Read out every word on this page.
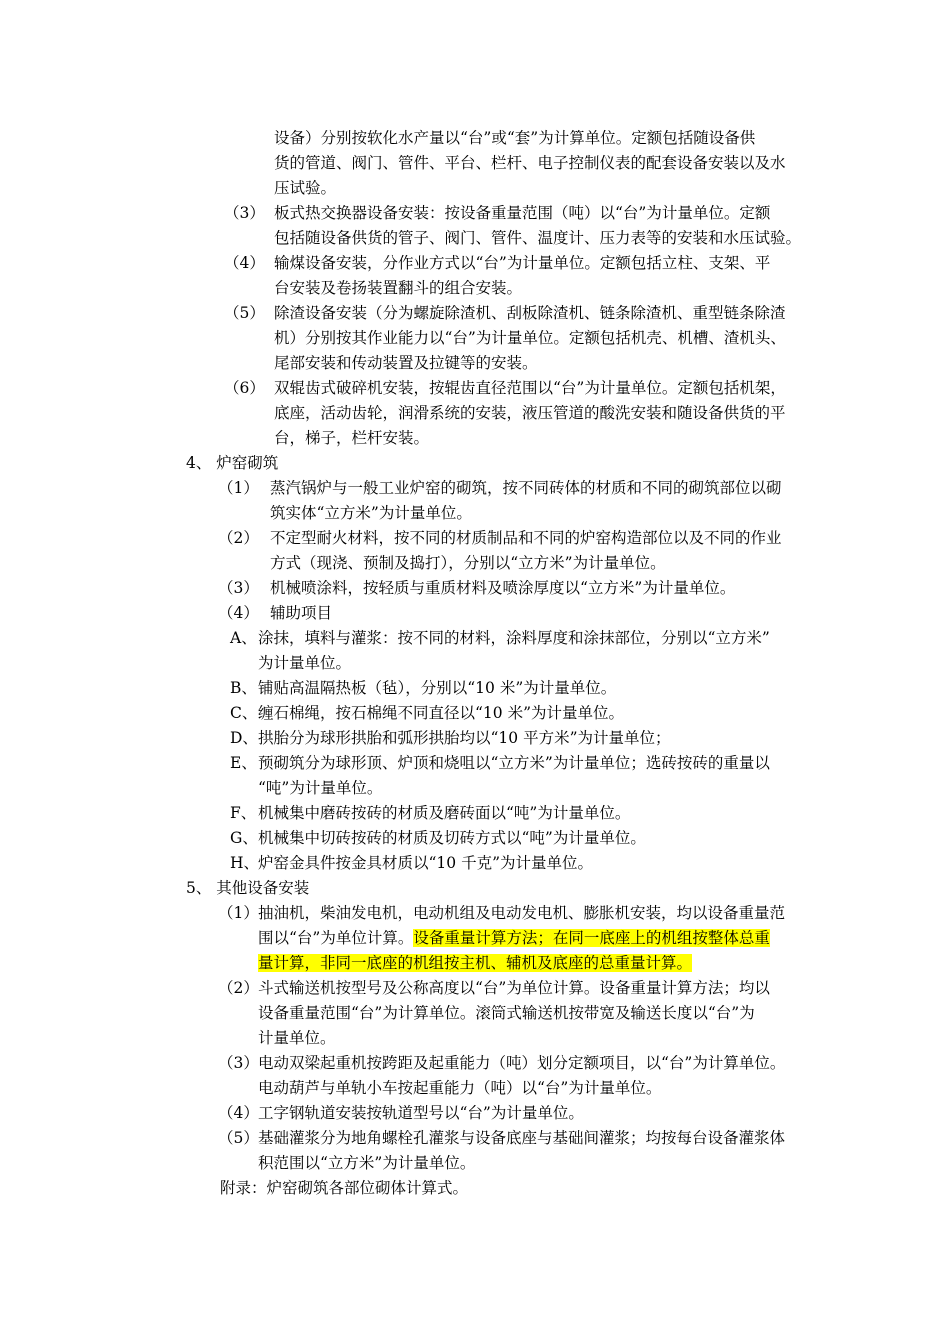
设备）分别按软化水产量以“台”或“套”为计算单位。定额包括随设备供
货的管道、阀门、管件、平台、栏杆、电子控制仪表的配套设备安装以及水
压试验。
（3） 板式热交换器设备安装：按设备重量范围（吨）以“台”为计量单位。定额
包括随设备供货的管子、阀门、管件、温度计、压力表等的安装和水压试验。
（4） 输煤设备安装，分作业方式以“台”为计量单位。定额包括立柱、支架、平
台安装及卷扬装置翻斗的组合安装。
（5） 除渣设备安装（分为螺旋除渣机、刮板除渣机、链条除渣机、重型链条除渣
机）分别按其作业能力以“台”为计量单位。定额包括机壳、机槽、渣机头、
尾部安装和传动装置及拉键等的安装。
（6） 双辊齿式破碎机安装，按辊齿直径范围以“台”为计量单位。定额包括机架，
底座，活动齿轮，润滑系统的安装，液压管道的酸洗安装和随设备供货的平
台，梯子，栏杆安装。
4、 炉窑砌筑
（1） 蒸汽锅炉与一般工业炉窑的砌筑，按不同砖体的材质和不同的砌筑部位以砌
筑实体“立方米”为计量单位。
（2） 不定型耐火材料，按不同的材质制品和不同的炉窑构造部位以及不同的作业
方式（现浇、预制及捣打），分别以“立方米”为计量单位。
（3） 机械喷涂料，按轻质与重质材料及喷涂厚度以“立方米”为计量单位。
（4） 辅助项目
A、 涂抹，填料与灌浆：按不同的材料，涂料厚度和涂抹部位，分别以“立方米”
为计量单位。
B、 铺贴高温隔热板（毡），分别以“10 米”为计量单位。
C、 缠石棉绳，按石棉绳不同直径以“10 米”为计量单位。
D、 拱胎分为球形拱胎和弧形拱胎均以“10 平方米”为计量单位；
E、 预砌筑分为球形顶、炉顶和烧咀以“立方米”为计量单位；选砖按砖的重量以
“吨”为计量单位。
F、 机械集中磨砖按砖的材质及磨砖面以“吨”为计量单位。
G、 机械集中切砖按砖的材质及切砖方式以“吨”为计量单位。
H、
炉窑金具件按金具材质以“10 千克”为计量单位。
5、 其他设备安装
（1） 抽油机，柴油发电机，电动机组及电动发电机、膨胀机安装，均以设备重量范
围以“台”为单位计算。设备重量计算方法；在同一底座上的机组按整体总重
量计算，非同一底座的机组按主机、辅机及底座的总重量计算。
（2） 斗式输送机按型号及公称高度以“台”为单位计算。设备重量计算方法；均以
设备重量范围“台”为计算单位。滚筒式输送机按带宽及输送长度以“台”为
计量单位。
（3） 电动双梁起重机按跨距及起重能力（吨）划分定额项目，以“台”为计算单位。
电动葫芦与单轨小车按起重能力（吨）以“台”为计量单位。
（4） 工字钢轨道安装按轨道型号以“台”为计量单位。
（5） 基础灌浆分为地角螺栓孔灌浆与设备底座与基础间灌浆；均按每台设备灌浆体
积范围以“立方米”为计量单位。
附录：炉窑砌筑各部位砌体计算式。
